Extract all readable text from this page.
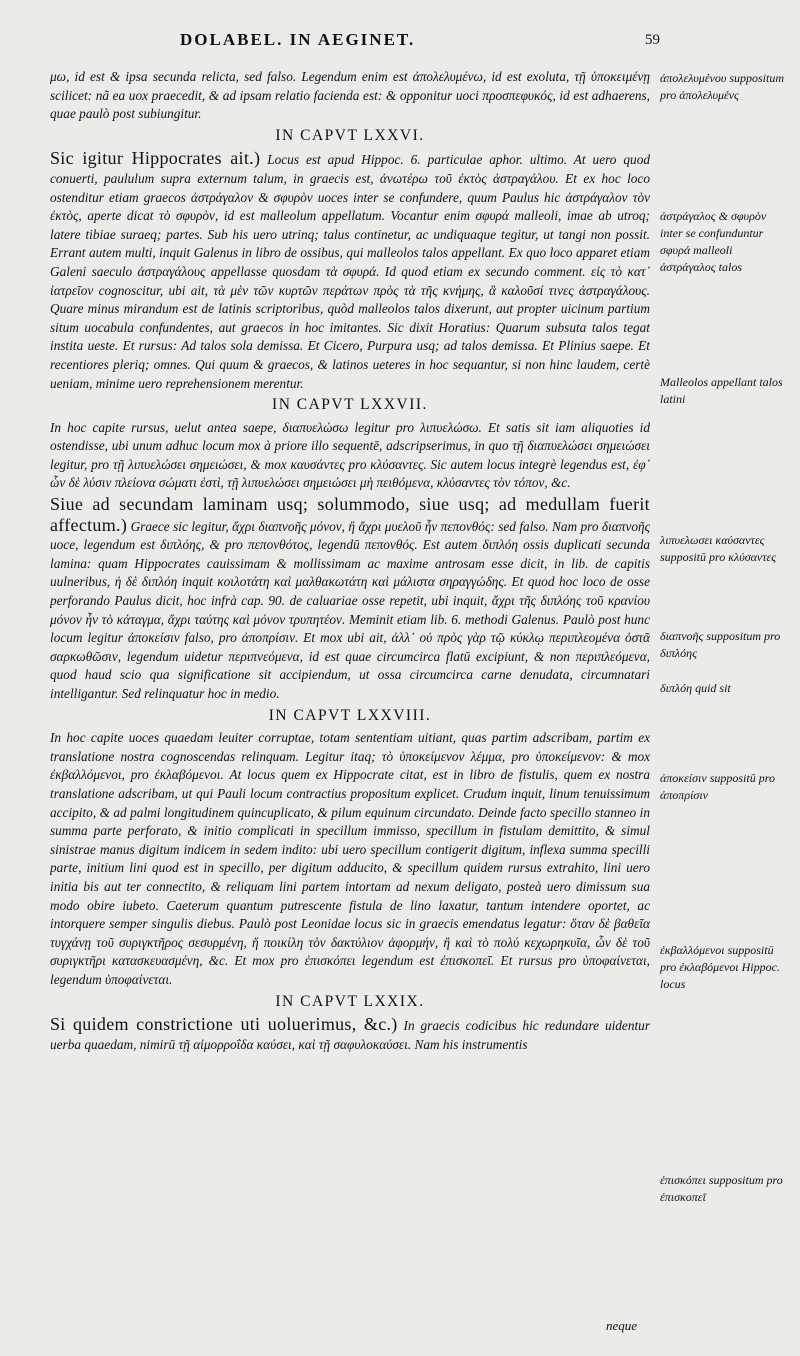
DOLABEL. IN AEGINET.	59

μω, id est & ipsa secunda relicta, sed falso. Legendum enim est ἀπολελυμένω, id est exoluta, τῇ ὑποκειμένῃ scilicet: nã ea uox praecedit, & ad ipsam relatio facienda est: & opponitur uoci προσπεφυκός, id est adhaerens, quae paulò post subiungitur.

IN CAPVT LXXVI.

Sic igitur Hippocrates ait.) Locus est apud Hippoc. 6. particulae aphor. ultimo. At uero quod conuerti, paululum supra externum talum, in graecis est, ἀνωτέρω τοῦ ἐκτὸς ἀστραγάλου. Et ex hoc loco ostenditur etiam graecos ἀστράγαλον & σφυρὸν uoces inter se confundere, quum Paulus hic ἀστράγαλον τὸν ἐκτὸς, aperte dicat τὸ σφυρὸν, id est malleolum appellatum. Vocantur enim σφυρά malleoli, imae ab utroq; latere tibiae suraeq; partes. Sub his uero utrinq; talus continetur, ac undiquaque tegitur, ut tangi non possit. Errant autem multi, inquit Galenus in libro de ossibus, qui malleolos talos appellant. Ex quo loco apparet etiam Galeni saeculo ἀστραγάλους appellasse quosdam τὰ σφυρά. Id quod etiam ex secundo comment. εἰς τὸ κατ᾽ ἰατρεῖον cognoscitur, ubi ait, τὰ μὲν τῶν κυρτῶν περάτων πρὸς τὰ τῆς κνήμης, ἃ καλοῦσί τινες ἀστραγάλους. Quare minus mirandum est de latinis scriptoribus, quòd malleolos talos dixerunt, aut propter uicinum partium situm uocabula confundentes, aut graecos in hoc imitantes. Sic dixit Horatius: Quarum subsuta talos tegat instita ueste. Et rursus: Ad talos sola demissa. Et Cicero, Purpura usq; ad talos demissa. Et Plinius saepe. Et recentiores pleriq; omnes. Qui quum & graecos, & latinos ueteres in hoc sequantur, si non hinc laudem, certè ueniam, minime uero reprehensionem merentur.

IN CAPVT LXXVII.

In hoc capite rursus, uelut antea saepe, διαπυελώσω legitur pro λιπυελώσω. Et satis sit iam aliquoties id ostendisse, ubi unum adhuc locum mox à priore illo sequentē, adscripserimus, in quo τῇ διαπυελώσει σημειώσει legitur, pro τῇ λιπυελώσει σημειώσει, & mox καυσάντες pro κλύσαντες. Sic autem locus integrè legendus est, ἐφ᾽ ὧν δὲ λύσιν πλείονα σώματι ἐστὶ, τῇ λιπυελώσει σημειώσει μὴ πειθόμενα, κλύσαντες τὸν τόπον, &c.

Siue ad secundam laminam usq; solummodo, siue usq; ad medullam fuerit affectum.) Graece sic legitur, ἄχρι διαπνοῆς μόνον, ἢ ἄχρι μυελοῦ ἦν πεπονθός: sed falso. Nam pro διαπνοῆς uoce, legendum est διπλόης, & pro πεπονθότος, legendū πεπονθός. Est autem διπλόη ossis duplicati secunda lamina: quam Hippocrates cauissimam & mollissimam ac maxime antrosam esse dicit, in lib. de capitis uulneribus, ἡ δὲ διπλόη inquit κοιλοτάτη καὶ μαλθακωτάτη καὶ μάλιστα σηραγγώδης. Et quod hoc loco de osse perforando Paulus dicit, hoc infrà cap. 90. de caluariae osse repetit, ubi inquit, ἄχρι τῆς διπλόης τοῦ κρανίου μόνον ἦν τὸ κάταγμα, ἄχρι ταύτης καὶ μόνον τρυπητέον. Meminit etiam lib. 6. methodi Galenus. Paulò post hunc locum legitur ἀποκείσιν falso, pro ἀποπρίσιν. Et mox ubi ait, ἀλλ᾽ οὐ πρὸς γὰρ τῷ κύκλῳ περιπλεομένα ὀστᾶ σαρκωθῶσιν, legendum uidetur περιπνεόμενα, id est quae circumcirca flatū excipiunt, & non περιπλεόμενα, quod haud scio qua significatione sit accipiendum, ut ossa circumcirca carne denudata, circumnatari intelligantur. Sed relinquatur hoc in medio.

IN CAPVT LXXVIII.

In hoc capite uoces quaedam leuiter corruptae, totam sententiam uitiant, quas partim adscribam, partim ex translatione nostra cognoscendas relinquam. Legitur itaq; τὸ ὑποκείμενον λέμμα, pro ὑποκείμενον: & mox ἐκβαλλόμενοι, pro ἐκλαβόμενοι. At locus quem ex Hippocrate citat, est in libro de fistulis, quem ex nostra translatione adscribam, ut qui Pauli locum contractius propositum explicet. Crudum inquit, linum tenuissimum accipito, & ad palmi longitudinem quincuplicato, & pilum equinum circundato. Deinde facto specillo stanneo in summa parte perforato, & initio complicati in specillum immisso, specillum in fistulam demittito, & simul sinistrae manus digitum indicem in sedem indito: ubi uero specillum contigerit digitum, inflexa summa specilli parte, initium lini quod est in specillo, per digitum adducito, & specillum quidem rursus extrahito, lini uero initia bis aut ter connectito, & reliquam lini partem intortam ad nexum deligato, posteà uero dimissum sua modo obire iubeto. Caeterum quantum putrescente fistula de lino laxatur, tantum intendere oportet, ac intorquere semper singulis diebus. Paulò post Leonidae locus sic in graecis emendatus legatur: ὅταν δὲ βαθεῖα τυγχάνῃ τοῦ συριγκτῆρος σεσυρμένη, ἤ ποικίλη τὸν δακτύλιον ἀφορμήν, ἢ καὶ τὸ πολύ κεχωρηκυῖα, ὧν δὲ τοῦ συριγκτῆρι κατασκευασμένη, &c. Et mox pro ἐπισκόπει legendum est ἐπισκοπεῖ. Et rursus pro ὑποφαίνεται, legendum ὑποφαίνεται.

IN CAPVT LXXIX.

Si quidem constrictione uti uoluerimus, &c.) In graecis codicibus hic redundare uidentur uerba quaedam, nimirū τῇ αἱμορροΐδα καύσει, καὶ τῇ σαφυλοκαύσει. Nam his instrumentis

neque
ἀπολελυμένου suppositum pro ἀπολελυμένς
ἀστράγαλος & σφυρὸν inter se confunduntur σφυρά malleoli ἀστράγαλος talos
Malleolos appellant talos latini
λιπυελωσει καύσαντες suppositū pro κλύσαντες
διαπνοῆς suppositum pro διπλόης
διπλόη quid sit
ἀποκείσιν suppositū pro ἀποπρίσιν
ἐκβαλλόμενοι suppositū pro ἐκλαβόμενοι Hippoc. locus
ἐπισκόπει suppositum pro ἐπισκοπεῖ
